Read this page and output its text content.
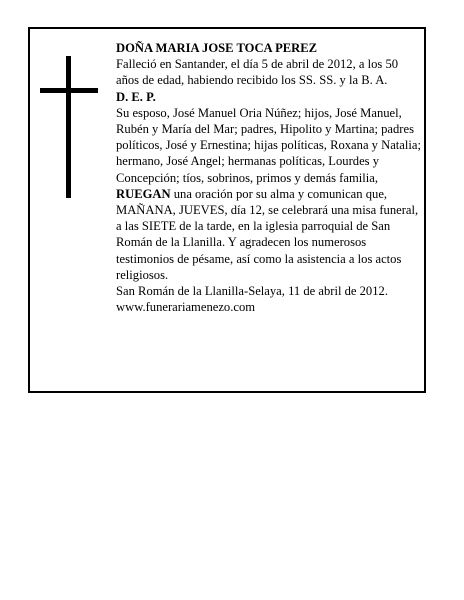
DOÑA MARIA JOSE TOCA PEREZ

Falleció en Santander, el día 5 de abril de 2012, a los 50 años de edad, habiendo recibido los SS. SS. y la B. A.

D. E. P.

Su esposo, José Manuel Oria Núñez; hijos, José Manuel, Rubén y María del Mar; padres, Hipolito y Martina; padres políticos, José y Ernestina; hijas políticas, Roxana y Natalia; hermano, José Angel; hermanas políticas, Lourdes y Concepción; tíos, sobrinos, primos y demás familia,

RUEGAN una oración por su alma y comunican que, MAÑANA, JUEVES, día 12, se celebrará una misa funeral, a las SIETE de la tarde, en la iglesia parroquial de San Román de la Llanilla. Y agradecen los numerosos testimonios de pésame, así como la asistencia a los actos religiosos.

San Román de la Llanilla-Selaya, 11 de abril de 2012.

www.funerariamenezo.com
